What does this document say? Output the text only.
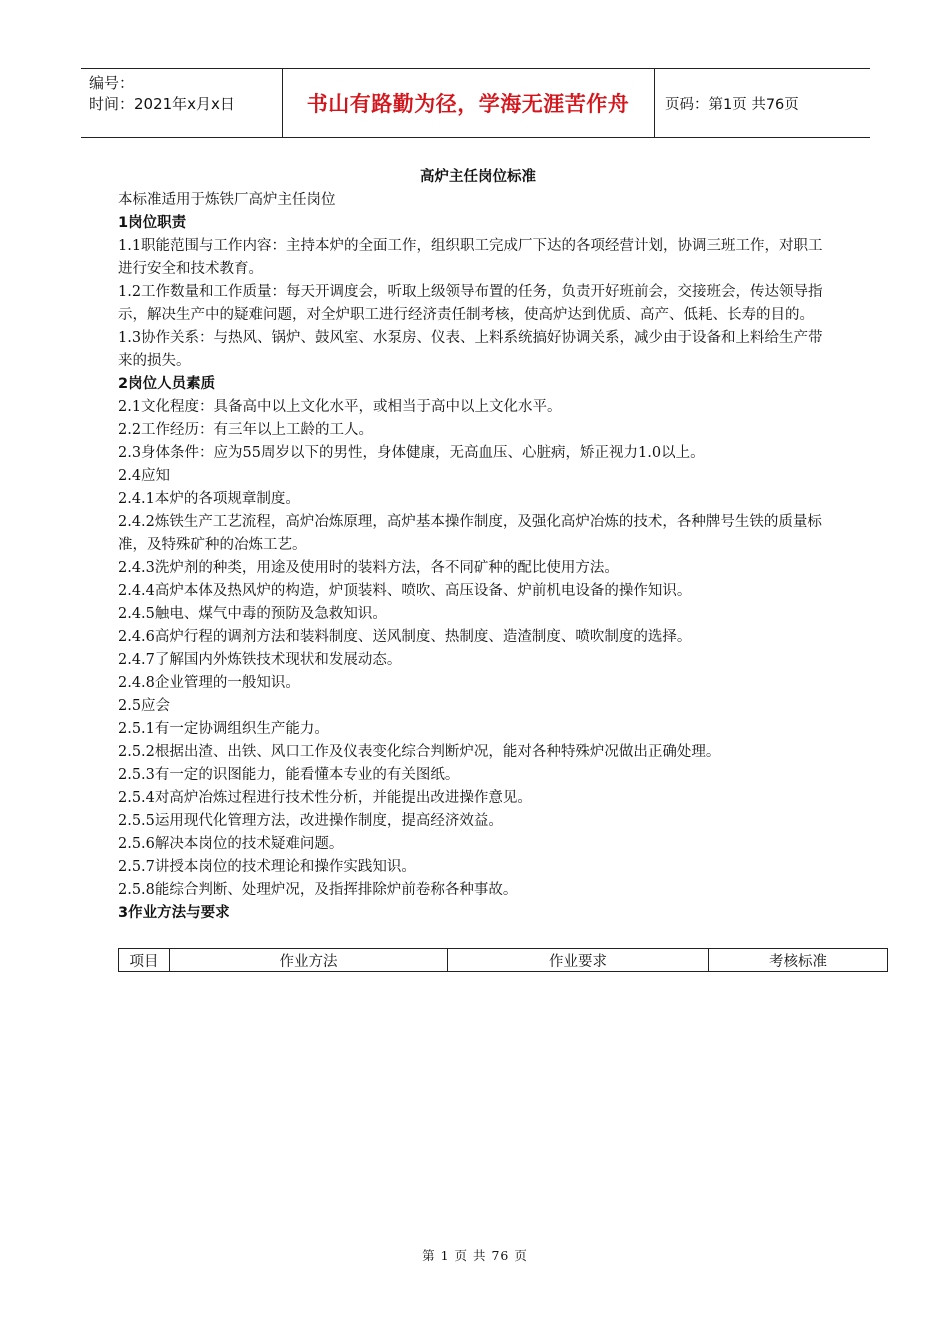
编号：
时间：2021年x月x日	书山有路勤为径，学海无涯苦作舟	页码：第1页 共76页
高炉主任岗位标准

本标准适用于炼铁厂高炉主任岗位

1岗位职责

1.1职能范围与工作内容：主持本炉的全面工作，组织职工完成厂下达的各项经营计划，协调三班工作，对职工进行安全和技术教育。

1.2工作数量和工作质量：每天开调度会，听取上级领导布置的任务，负责开好班前会，交接班会，传达领导指示，解决生产中的疑难问题，对全炉职工进行经济责任制考核，使高炉达到优质、高产、低耗、长寿的目的。

1.3协作关系：与热风、锅炉、鼓风室、水泵房、仪表、上料系统搞好协调关系，减少由于设备和上料给生产带来的损失。

2岗位人员素质

2.1文化程度：具备高中以上文化水平，或相当于高中以上文化水平。

2.2工作经历：有三年以上工龄的工人。

2.3身体条件：应为55周岁以下的男性，身体健康，无高血压、心脏病，矫正视力1.0以上。

2.4应知

2.4.1本炉的各项规章制度。

2.4.2炼铁生产工艺流程，高炉冶炼原理，高炉基本操作制度，及强化高炉冶炼的技术，各种牌号生铁的质量标准，及特殊矿种的冶炼工艺。

2.4.3洗炉剂的种类，用途及使用时的装料方法，各不同矿种的配比使用方法。

2.4.4高炉本体及热风炉的构造，炉顶装料、喷吹、高压设备、炉前机电设备的操作知识。

2.4.5触电、煤气中毒的预防及急救知识。

2.4.6高炉行程的调剂方法和装料制度、送风制度、热制度、造渣制度、喷吹制度的选择。

2.4.7了解国内外炼铁技术现状和发展动态。

2.4.8企业管理的一般知识。

2.5应会

2.5.1有一定协调组织生产能力。

2.5.2根据出渣、出铁、风口工作及仪表变化综合判断炉况，能对各种特殊炉况做出正确处理。

2.5.3有一定的识图能力，能看懂本专业的有关图纸。

2.5.4对高炉冶炼过程进行技术性分析，并能提出改进操作意见。

2.5.5运用现代化管理方法，改进操作制度，提高经济效益。

2.5.6解决本岗位的技术疑难问题。

2.5.7讲授本岗位的技术理论和操作实践知识。

2.5.8能综合判断、处理炉况，及指挥排除炉前卷称各种事故。

3作业方法与要求

项目	作业方法	作业要求	考核标准
第 1 页 共 76 页
